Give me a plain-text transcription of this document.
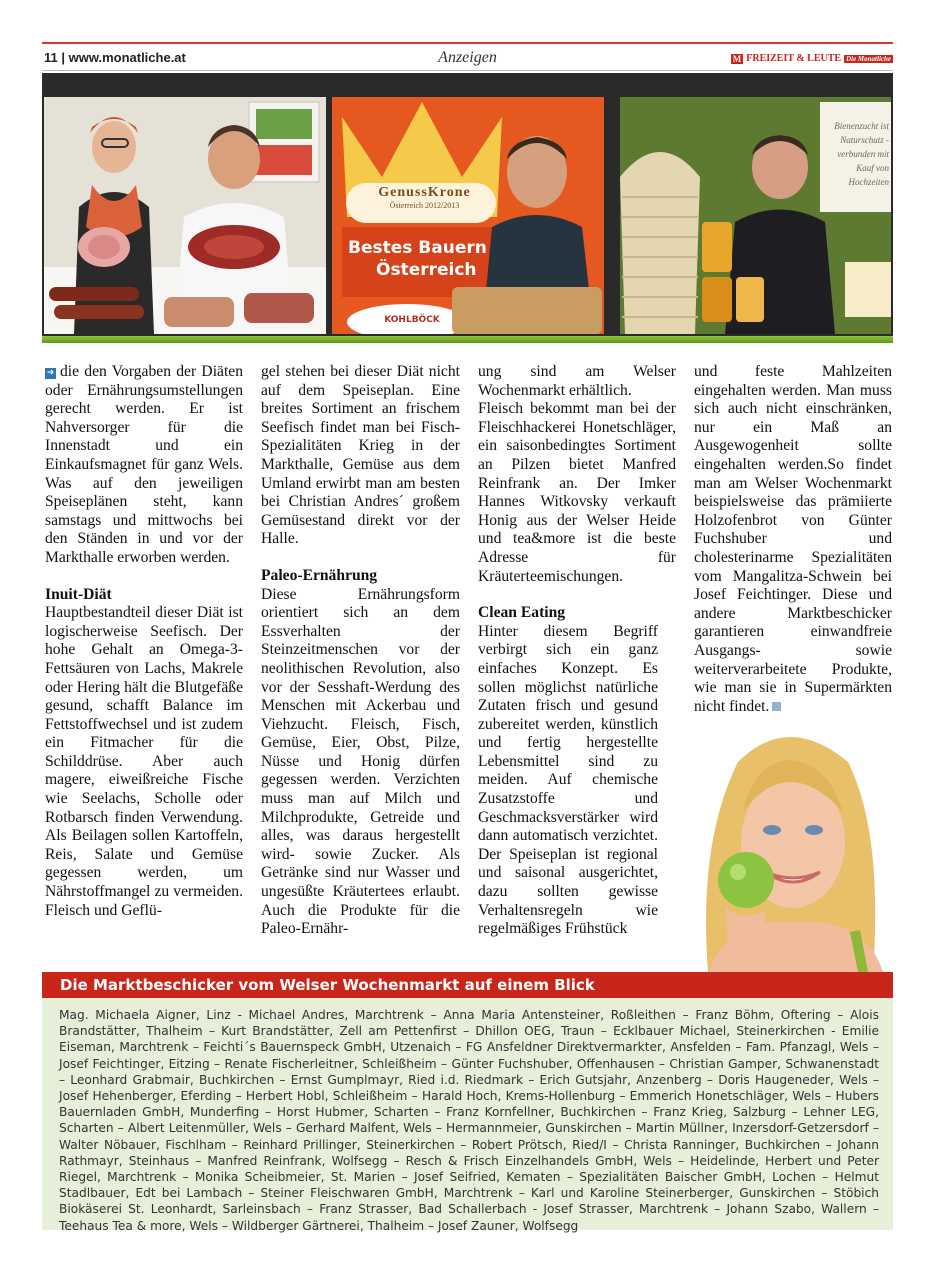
11 | www.monatliche.at	Anzeigen	M FREIZEIT & LEUTE Die Monatliche
GenussKrone
Österreich 2012/2013
Bestes Bauern
Österreich
KOHLBÖCK
Bienenzucht ist
Naturschutz -
verbunden mit
Kauf von
Hochzeiten

➜ die den Vorgaben der Diäten oder Ernährungsumstellungen gerecht werden. Er ist Nahversorger für die Innenstadt und ein Einkaufsmagnet für ganz Wels. Was auf den jeweiligen Speiseplänen steht, kann samstags und mittwochs bei den Ständen in und vor der Markthalle erworben werden.

Inuit-Diät

Hauptbestandteil dieser Diät ist logischerweise Seefisch. Der hohe Gehalt an Omega-3-Fettsäuren von Lachs, Makrele oder Hering hält die Blutgefäße gesund, schafft Balance im Fettstoffwechsel und ist zudem ein Fitmacher für die Schilddrüse. Aber auch magere, eiweißreiche Fische wie Seelachs, Scholle oder Rotbarsch finden Verwendung. Als Beilagen sollen Kartoffeln, Reis, Salate und Gemüse gegessen werden, um Nährstoffmangel zu vermeiden. Fleisch und Geflü-

gel stehen bei dieser Diät nicht auf dem Speiseplan. Eine breites Sortiment an frischem Seefisch findet man bei Fisch-Spezialitäten Krieg in der Markthalle, Gemüse aus dem Umland erwirbt man am besten bei Christian Andres´ großem Gemüsestand direkt vor der Halle.

Paleo-Ernährung

Diese Ernährungsform orientiert sich an dem Essverhalten der Steinzeitmenschen vor der neolithischen Revolution, also vor der Sesshaft-Werdung des Menschen mit Ackerbau und Viehzucht. Fleisch, Fisch, Gemüse, Eier, Obst, Pilze, Nüsse und Honig dürfen gegessen werden. Verzichten muss man auf Milch und Milchprodukte, Getreide und alles, was daraus hergestellt wird- sowie Zucker. Als Getränke sind nur Wasser und ungesüßte Kräutertees erlaubt. Auch die Produkte für die Paleo-Ernähr-

ung sind am Welser Wochenmarkt erhältlich.

Fleisch bekommt man bei der Fleischhackerei Honetschläger, ein saisonbedingtes Sortiment an Pilzen bietet Manfred Reinfrank an. Der Imker Hannes Witkovsky verkauft Honig aus der Welser Heide und tea&more ist die beste Adresse für Kräuterteemischungen.

Clean Eating

Hinter diesem Begriff verbirgt sich ein ganz einfaches Konzept. Es sollen möglichst natürliche Zutaten frisch und gesund zubereitet werden, künstlich und fertig hergestellte Lebensmittel sind zu meiden. Auf chemische Zusatzstoffe und Geschmacksverstärker wird dann automatisch verzichtet. Der Speiseplan ist regional und saisonal ausgerichtet, dazu sollten gewisse Verhaltensregeln wie regelmäßiges Frühstück

und feste Mahlzeiten eingehalten werden. Man muss sich auch nicht einschränken, nur ein Maß an Ausgewogenheit sollte eingehalten werden.So findet man am Welser Wochenmarkt beispielsweise das prämiierte Holzofenbrot von Günter Fuchshuber und cholesterinarme Spezialitäten vom Mangalitza-Schwein bei Josef Feichtinger. Diese und andere Marktbeschicker garantieren einwandfreie Ausgangs- sowie weiterverarbeitete Produkte, wie man sie in Supermärkten nicht findet.

Die Marktbeschicker vom Welser Wochenmarkt auf einem Blick
Mag. Michaela Aigner, Linz - Michael Andres, Marchtrenk – Anna Maria Antensteiner, Roßleithen – Franz Böhm, Oftering – Alois Brandstätter, Thalheim – Kurt Brandstätter, Zell am Pettenfirst – Dhillon OEG, Traun – Ecklbauer Michael, Steinerkirchen - Emilie Eiseman, Marchtrenk – Feichti´s Bauernspeck GmbH, Utzenaich – FG Ansfeldner Direktvermarkter, Ansfelden – Fam. Pfanzagl, Wels – Josef Feichtinger, Eitzing – Renate Fischerleitner, Schleißheim – Günter Fuchshuber, Offenhausen – Christian Gamper, Schwanenstadt – Leonhard Grabmair, Buchkirchen – Ernst Gumplmayr, Ried i.d. Riedmark – Erich Gutsjahr, Anzenberg – Doris Haugeneder, Wels – Josef Hehenberger, Eferding – Herbert Hobl, Schleißheim – Harald Hoch, Krems-Hollenburg – Emmerich Honetschläger, Wels – Hubers Bauernladen GmbH, Munderfing – Horst Hubmer, Scharten – Franz Kornfellner, Buchkirchen – Franz Krieg, Salzburg – Lehner LEG, Scharten – Albert Leitenmüller, Wels – Gerhard Malfent, Wels – Hermannmeier, Gunskirchen – Martin Müllner, Inzersdorf-Getzersdorf – Walter Nöbauer, Fischlham – Reinhard Prillinger, Steinerkirchen – Robert Prötsch, Ried/I – Christa Ranninger, Buchkirchen – Johann Rathmayr, Steinhaus – Manfred Reinfrank, Wolfsegg – Resch & Frisch Einzelhandels GmbH, Wels – Heidelinde, Herbert und Peter Riegel, Marchtrenk – Monika Scheibmeier, St. Marien – Josef Seifried, Kematen – Spezialitäten Baischer GmbH, Lochen – Helmut Stadlbauer, Edt bei Lambach – Steiner Fleischwaren GmbH, Marchtrenk – Karl und Karoline Steinerberger, Gunskirchen – Stöbich Biokäserei St. Leonhardt, Sarleinsbach – Franz Strasser, Bad Schallerbach - Josef Strasser, Marchtrenk – Johann Szabo, Wallern – Teehaus Tea & more, Wels – Wildberger Gärtnerei, Thalheim – Josef Zauner, Wolfsegg
